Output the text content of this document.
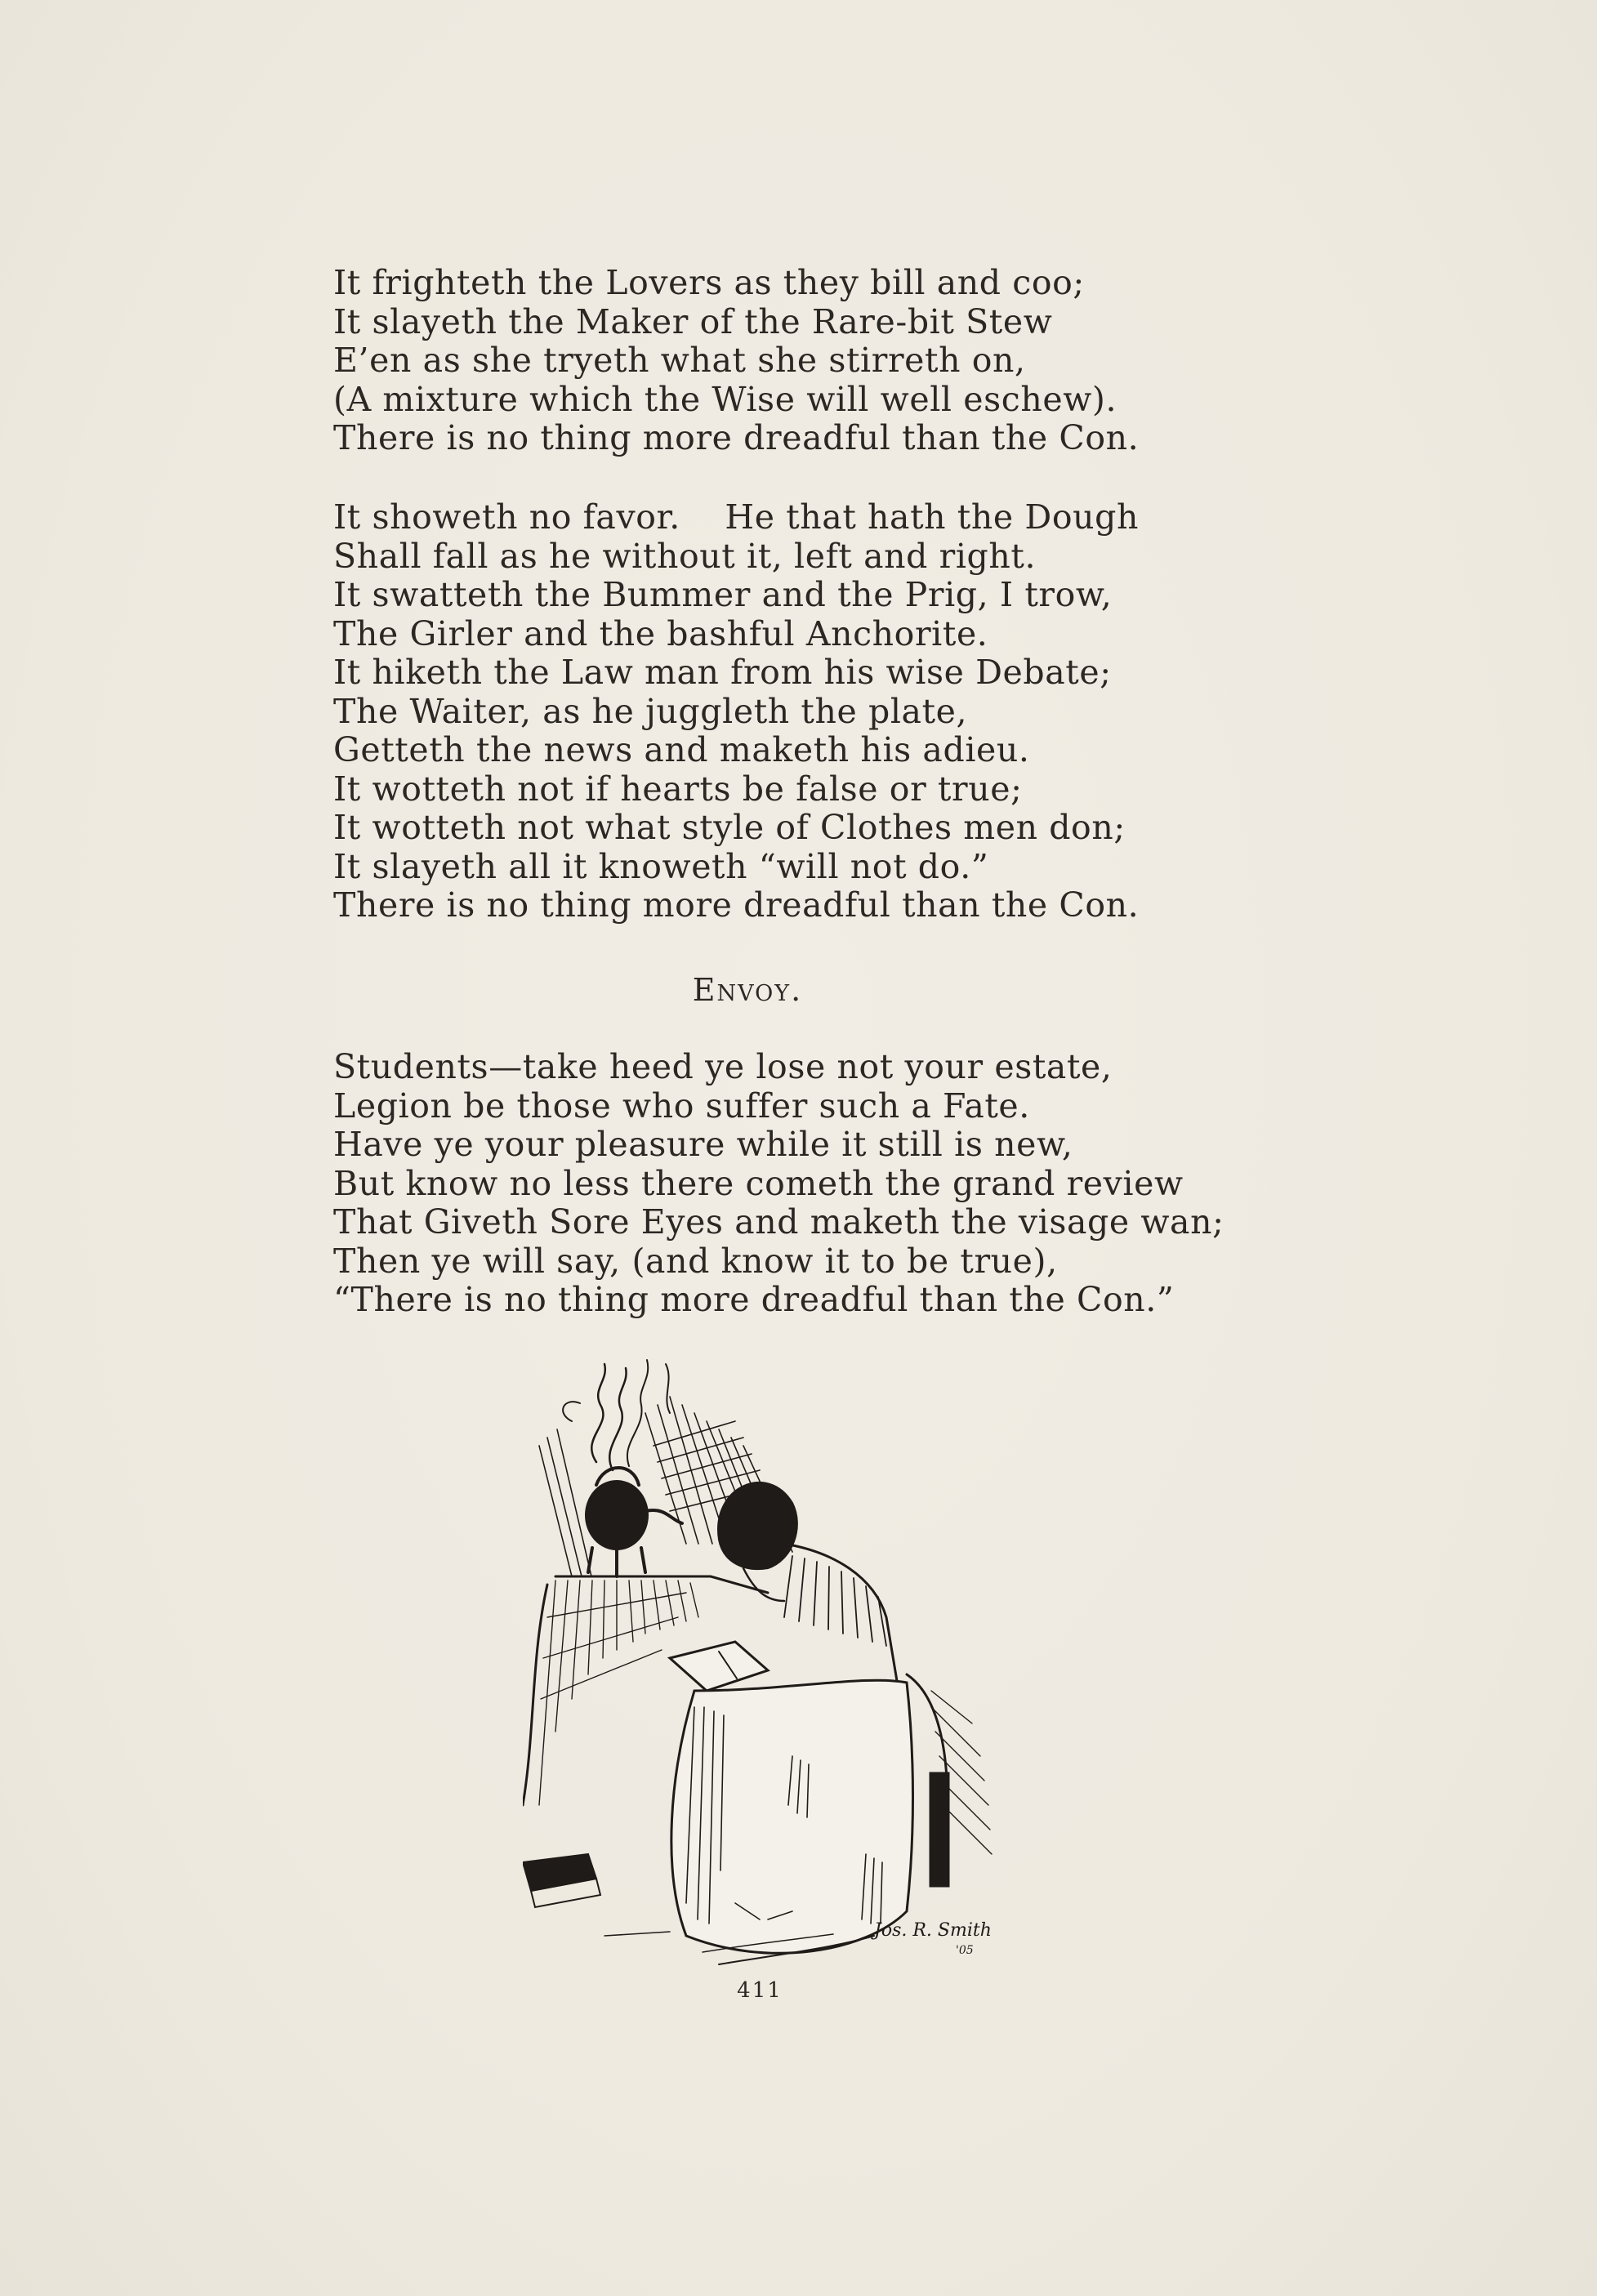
It frighteth the Lovers as they bill and coo;
It slayeth the Maker of the Rare-bit Stew
E’en as she tryeth what she stirreth on,
(A mixture which the Wise will well eschew).
There is no thing more dreadful than the Con.
It showeth no favor.    He that hath the Dough
Shall fall as he without it, left and right.
It swatteth the Bummer and the Prig, I trow,
The Girler and the bashful Anchorite.
It hiketh the Law man from his wise Debate;
The Waiter, as he juggleth the plate,
Getteth the news and maketh his adieu.
It wotteth not if hearts be false or true;
It wotteth not what style of Clothes men don;
It slayeth all it knoweth “will not do.”
There is no thing more dreadful than the Con.
Envoy.
Students—take heed ye lose not your estate,
Legion be those who suffer such a Fate.
Have ye your pleasure while it still is new,
But know no less there cometh the grand review
That Giveth Sore Eyes and maketh the visage wan;
Then ye will say, (and know it to be true),
“There is no thing more dreadful than the Con.”
Jos. R. Smith
'05
411
